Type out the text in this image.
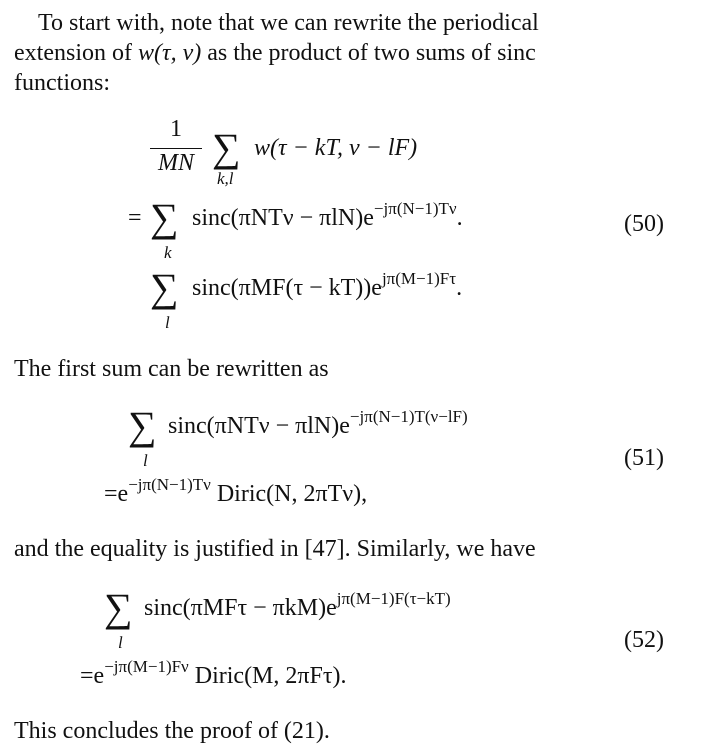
To start with, note that we can rewrite the periodical
extension of w(τ, ν) as the product of two sums of sinc
functions:
1
MN ∑
k,l
w(τ − kT, ν − lF)
= ∑
k
$\sin c(\pi NT\nu - \pi lN)e^{-j\pi(N-1)T\nu}$.	(50)
∑
l
$\sin c(\pi MF(\tau - kT))e^{j\pi(M-1)F\tau}$.
The first sum can be rewritten as
∑
l
$\sin c(\pi NT\nu - \pi lN)e^{-j\pi(N-1)T(\nu-lF)}$
(51)
$=e^{-j\pi(N-1)T\nu}$ Diric(N, 2πTν),
and the equality is justified in [47]. Similarly, we have
∑
l
$\sin c(\pi MF\tau - \pi kM)e^{j\pi(M-1)F(\tau-kT)}$
(52)
$=e^{-j\pi(M-1)F\nu}$ Diric(M, 2πFτ).
This concludes the proof of (21).
